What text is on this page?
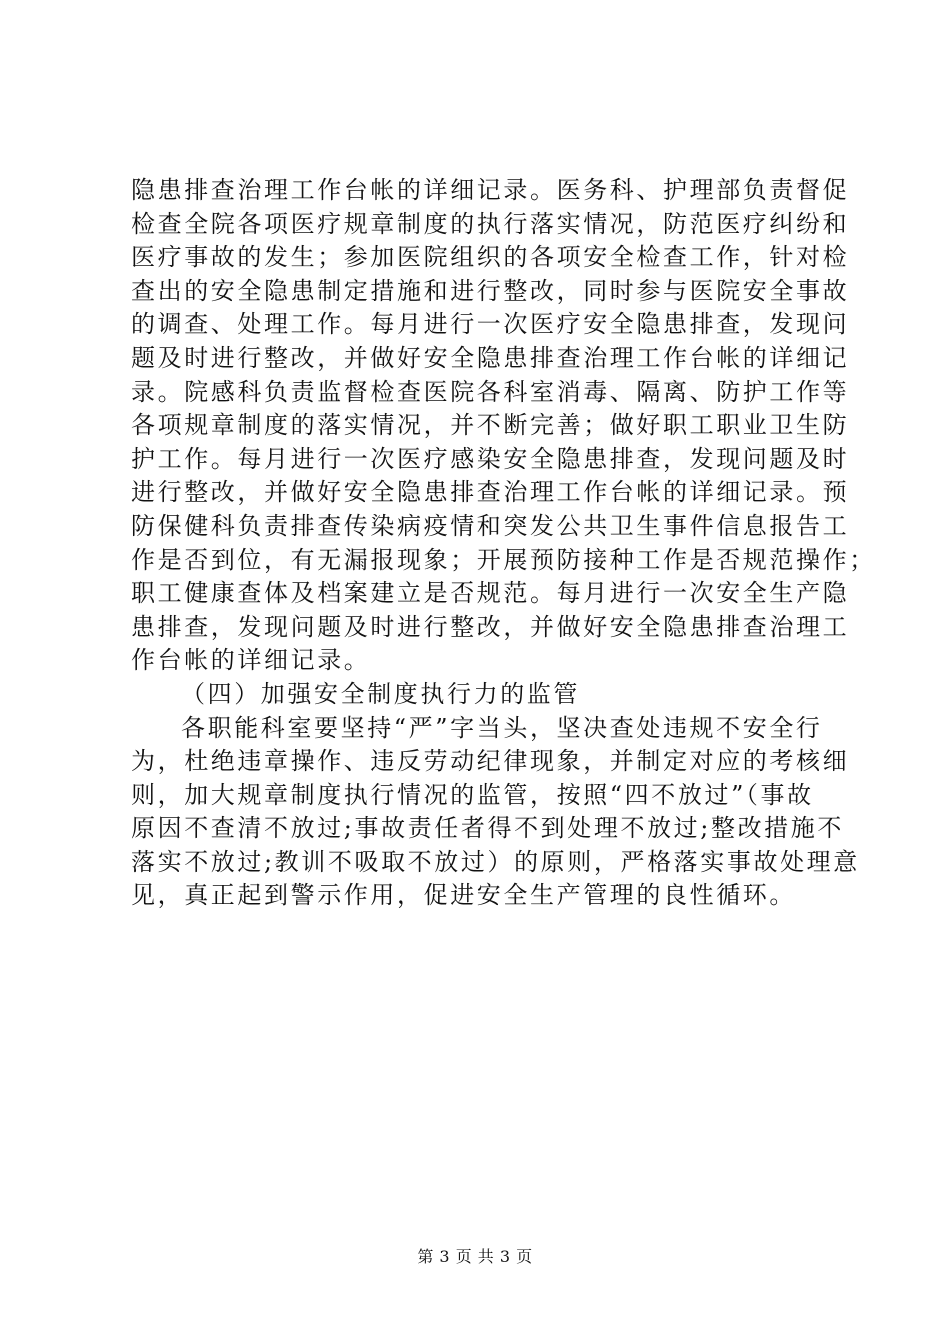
隐患排查治理工作台帐的详细记录。医务科、护理部负责督促
检查全院各项医疗规章制度的执行落实情况，防范医疗纠纷和
医疗事故的发生；参加医院组织的各项安全检查工作，针对检
查出的安全隐患制定措施和进行整改，同时参与医院安全事故
的调查、处理工作。每月进行一次医疗安全隐患排查，发现问
题及时进行整改，并做好安全隐患排查治理工作台帐的详细记
录。院感科负责监督检查医院各科室消毒、隔离、防护工作等
各项规章制度的落实情况，并不断完善；做好职工职业卫生防
护工作。每月进行一次医疗感染安全隐患排查，发现问题及时
进行整改，并做好安全隐患排查治理工作台帐的详细记录。预
防保健科负责排查传染病疫情和突发公共卫生事件信息报告工
作是否到位，有无漏报现象；开展预防接种工作是否规范操作；
职工健康查体及档案建立是否规范。每月进行一次安全生产隐
患排查，发现问题及时进行整改，并做好安全隐患排查治理工
作台帐的详细记录。
（四）加强安全制度执行力的监管
各职能科室要坚持“严”字当头，坚决查处违规不安全行
为，杜绝违章操作、违反劳动纪律现象，并制定对应的考核细
则，加大规章制度执行情况的监管，按照“四不放过”（事故
原因不查清不放过;事故责任者得不到处理不放过;整改措施不
落实不放过;教训不吸取不放过）的原则，严格落实事故处理意
见，真正起到警示作用，促进安全生产管理的良性循环。
第 3 页 共 3 页
